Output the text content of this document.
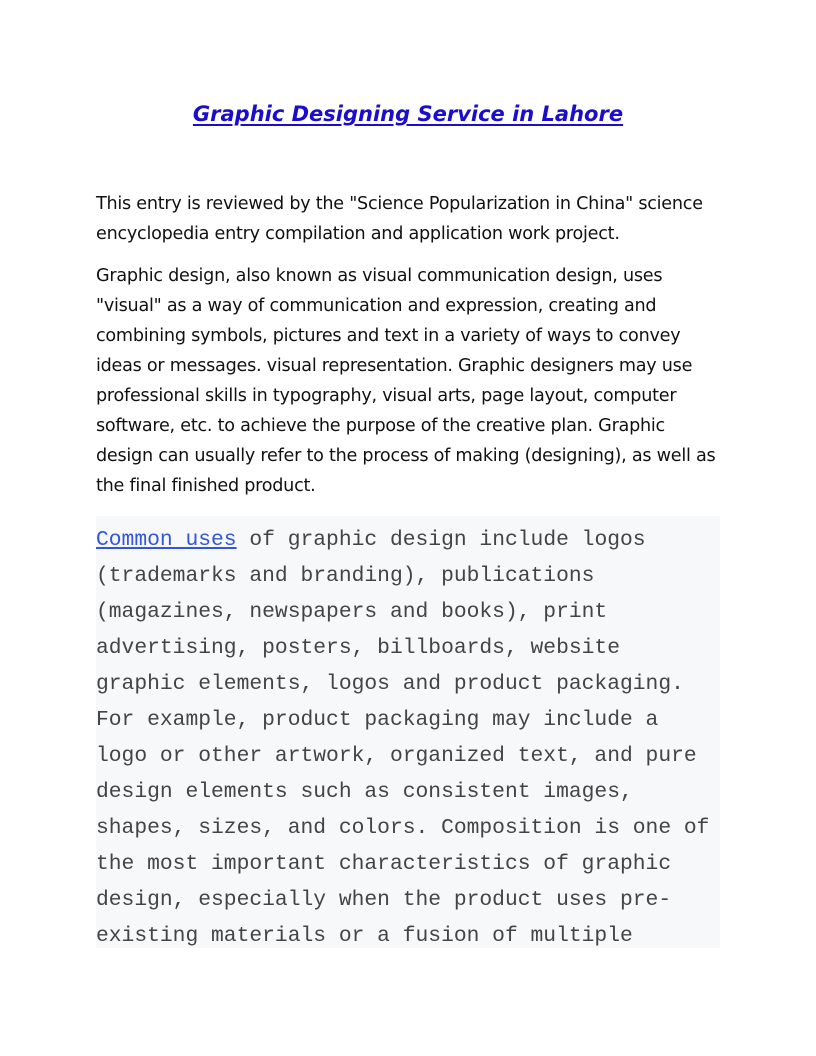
Graphic Designing Service in Lahore

This entry is reviewed by the "Science Popularization in China" science encyclopedia entry compilation and application work project.

Graphic design, also known as visual communication design, uses "visual" as a way of communication and expression, creating and combining symbols, pictures and text in a variety of ways to convey ideas or messages. visual representation. Graphic designers may use professional skills in typography, visual arts, page layout, computer software, etc. to achieve the purpose of the creative plan. Graphic design can usually refer to the process of making (designing), as well as the final finished product.

Common uses of graphic design include logos
(trademarks and branding), publications
(magazines, newspapers and books), print
advertising, posters, billboards, website
graphic elements, logos and product packaging.
For example, product packaging may include a
logo or other artwork, organized text, and pure
design elements such as consistent images,
shapes, sizes, and colors. Composition is one of
the most important characteristics of graphic
design, especially when the product uses pre-
existing materials or a fusion of multiple
